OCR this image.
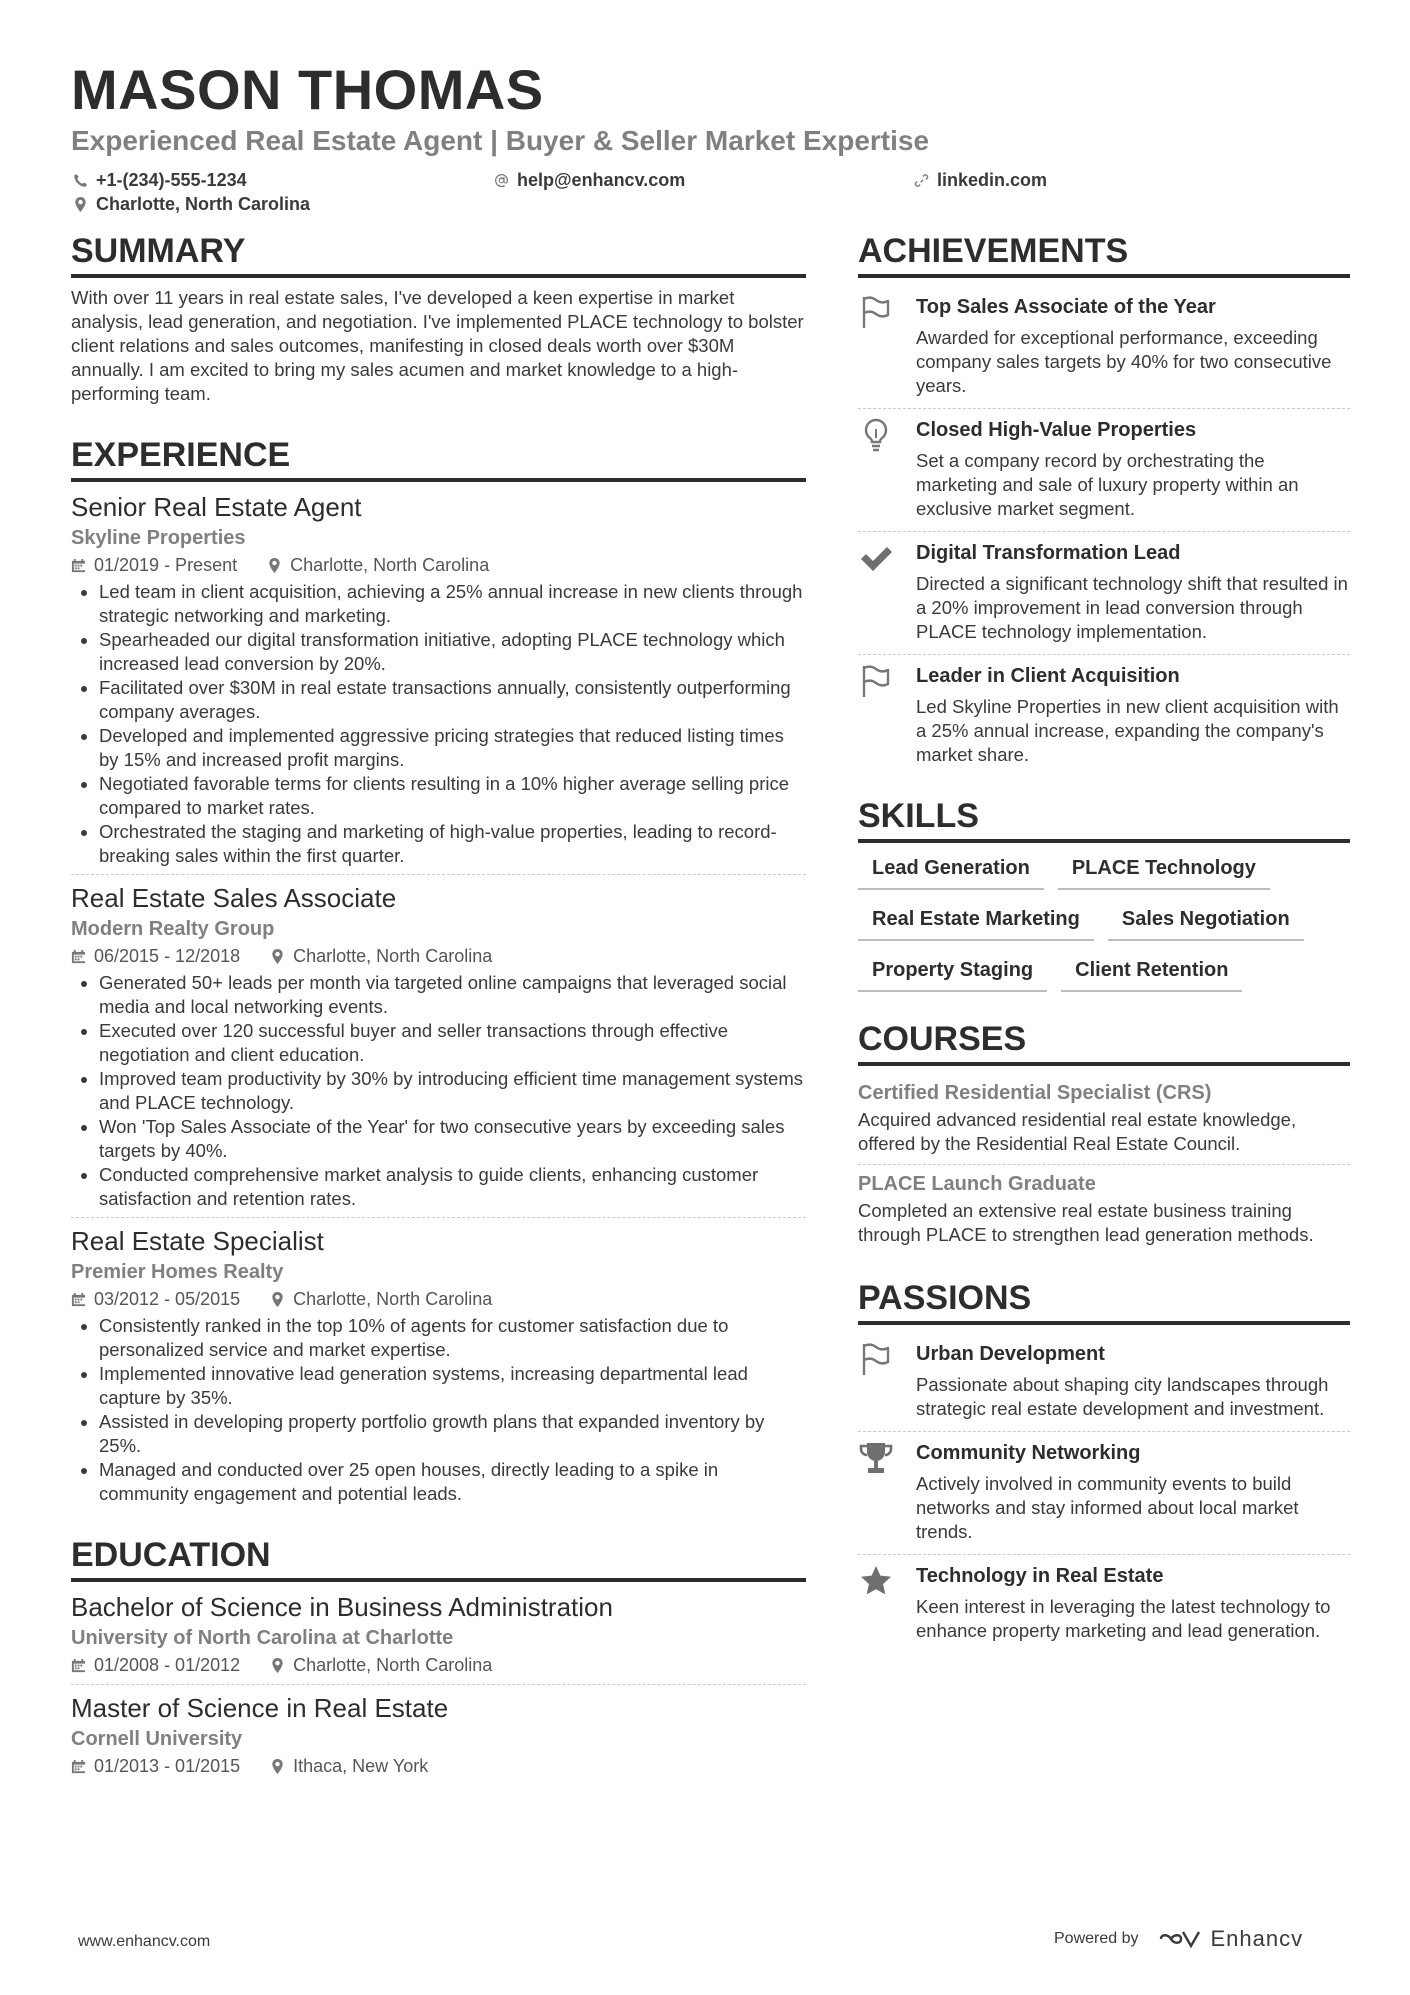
MASON THOMAS
Experienced Real Estate Agent | Buyer & Seller Market Expertise
+1-(234)-555-1234	help@enhancv.com	linkedin.com
Charlotte, North Carolina
SUMMARY
With over 11 years in real estate sales, I've developed a keen expertise in market analysis, lead generation, and negotiation. I've implemented PLACE technology to bolster client relations and sales outcomes, manifesting in closed deals worth over $30M annually. I am excited to bring my sales acumen and market knowledge to a high-performing team.
EXPERIENCE
Senior Real Estate Agent
Skyline Properties
01/2019 - Present	Charlotte, North Carolina
• Led team in client acquisition, achieving a 25% annual increase in new clients through strategic networking and marketing.
• Spearheaded our digital transformation initiative, adopting PLACE technology which increased lead conversion by 20%.
• Facilitated over $30M in real estate transactions annually, consistently outperforming company averages.
• Developed and implemented aggressive pricing strategies that reduced listing times by 15% and increased profit margins.
• Negotiated favorable terms for clients resulting in a 10% higher average selling price compared to market rates.
• Orchestrated the staging and marketing of high-value properties, leading to record-breaking sales within the first quarter.
Real Estate Sales Associate
Modern Realty Group
06/2015 - 12/2018	Charlotte, North Carolina
• Generated 50+ leads per month via targeted online campaigns that leveraged social media and local networking events.
• Executed over 120 successful buyer and seller transactions through effective negotiation and client education.
• Improved team productivity by 30% by introducing efficient time management systems and PLACE technology.
• Won 'Top Sales Associate of the Year' for two consecutive years by exceeding sales targets by 40%.
• Conducted comprehensive market analysis to guide clients, enhancing customer satisfaction and retention rates.
Real Estate Specialist
Premier Homes Realty
03/2012 - 05/2015	Charlotte, North Carolina
• Consistently ranked in the top 10% of agents for customer satisfaction due to personalized service and market expertise.
• Implemented innovative lead generation systems, increasing departmental lead capture by 35%.
• Assisted in developing property portfolio growth plans that expanded inventory by 25%.
• Managed and conducted over 25 open houses, directly leading to a spike in community engagement and potential leads.
EDUCATION
Bachelor of Science in Business Administration
University of North Carolina at Charlotte
01/2008 - 01/2012	Charlotte, North Carolina
Master of Science in Real Estate
Cornell University
01/2013 - 01/2015	Ithaca, New York
ACHIEVEMENTS
Top Sales Associate of the Year
Awarded for exceptional performance, exceeding company sales targets by 40% for two consecutive years.
Closed High-Value Properties
Set a company record by orchestrating the marketing and sale of luxury property within an exclusive market segment.
Digital Transformation Lead
Directed a significant technology shift that resulted in a 20% improvement in lead conversion through PLACE technology implementation.
Leader in Client Acquisition
Led Skyline Properties in new client acquisition with a 25% annual increase, expanding the company's market share.
SKILLS
Lead Generation	PLACE Technology
Real Estate Marketing	Sales Negotiation
Property Staging	Client Retention
COURSES
Certified Residential Specialist (CRS)
Acquired advanced residential real estate knowledge, offered by the Residential Real Estate Council.
PLACE Launch Graduate
Completed an extensive real estate business training through PLACE to strengthen lead generation methods.
PASSIONS
Urban Development
Passionate about shaping city landscapes through strategic real estate development and investment.
Community Networking
Actively involved in community events to build networks and stay informed about local market trends.
Technology in Real Estate
Keen interest in leveraging the latest technology to enhance property marketing and lead generation.
www.enhancv.com	Powered by	Enhancv
